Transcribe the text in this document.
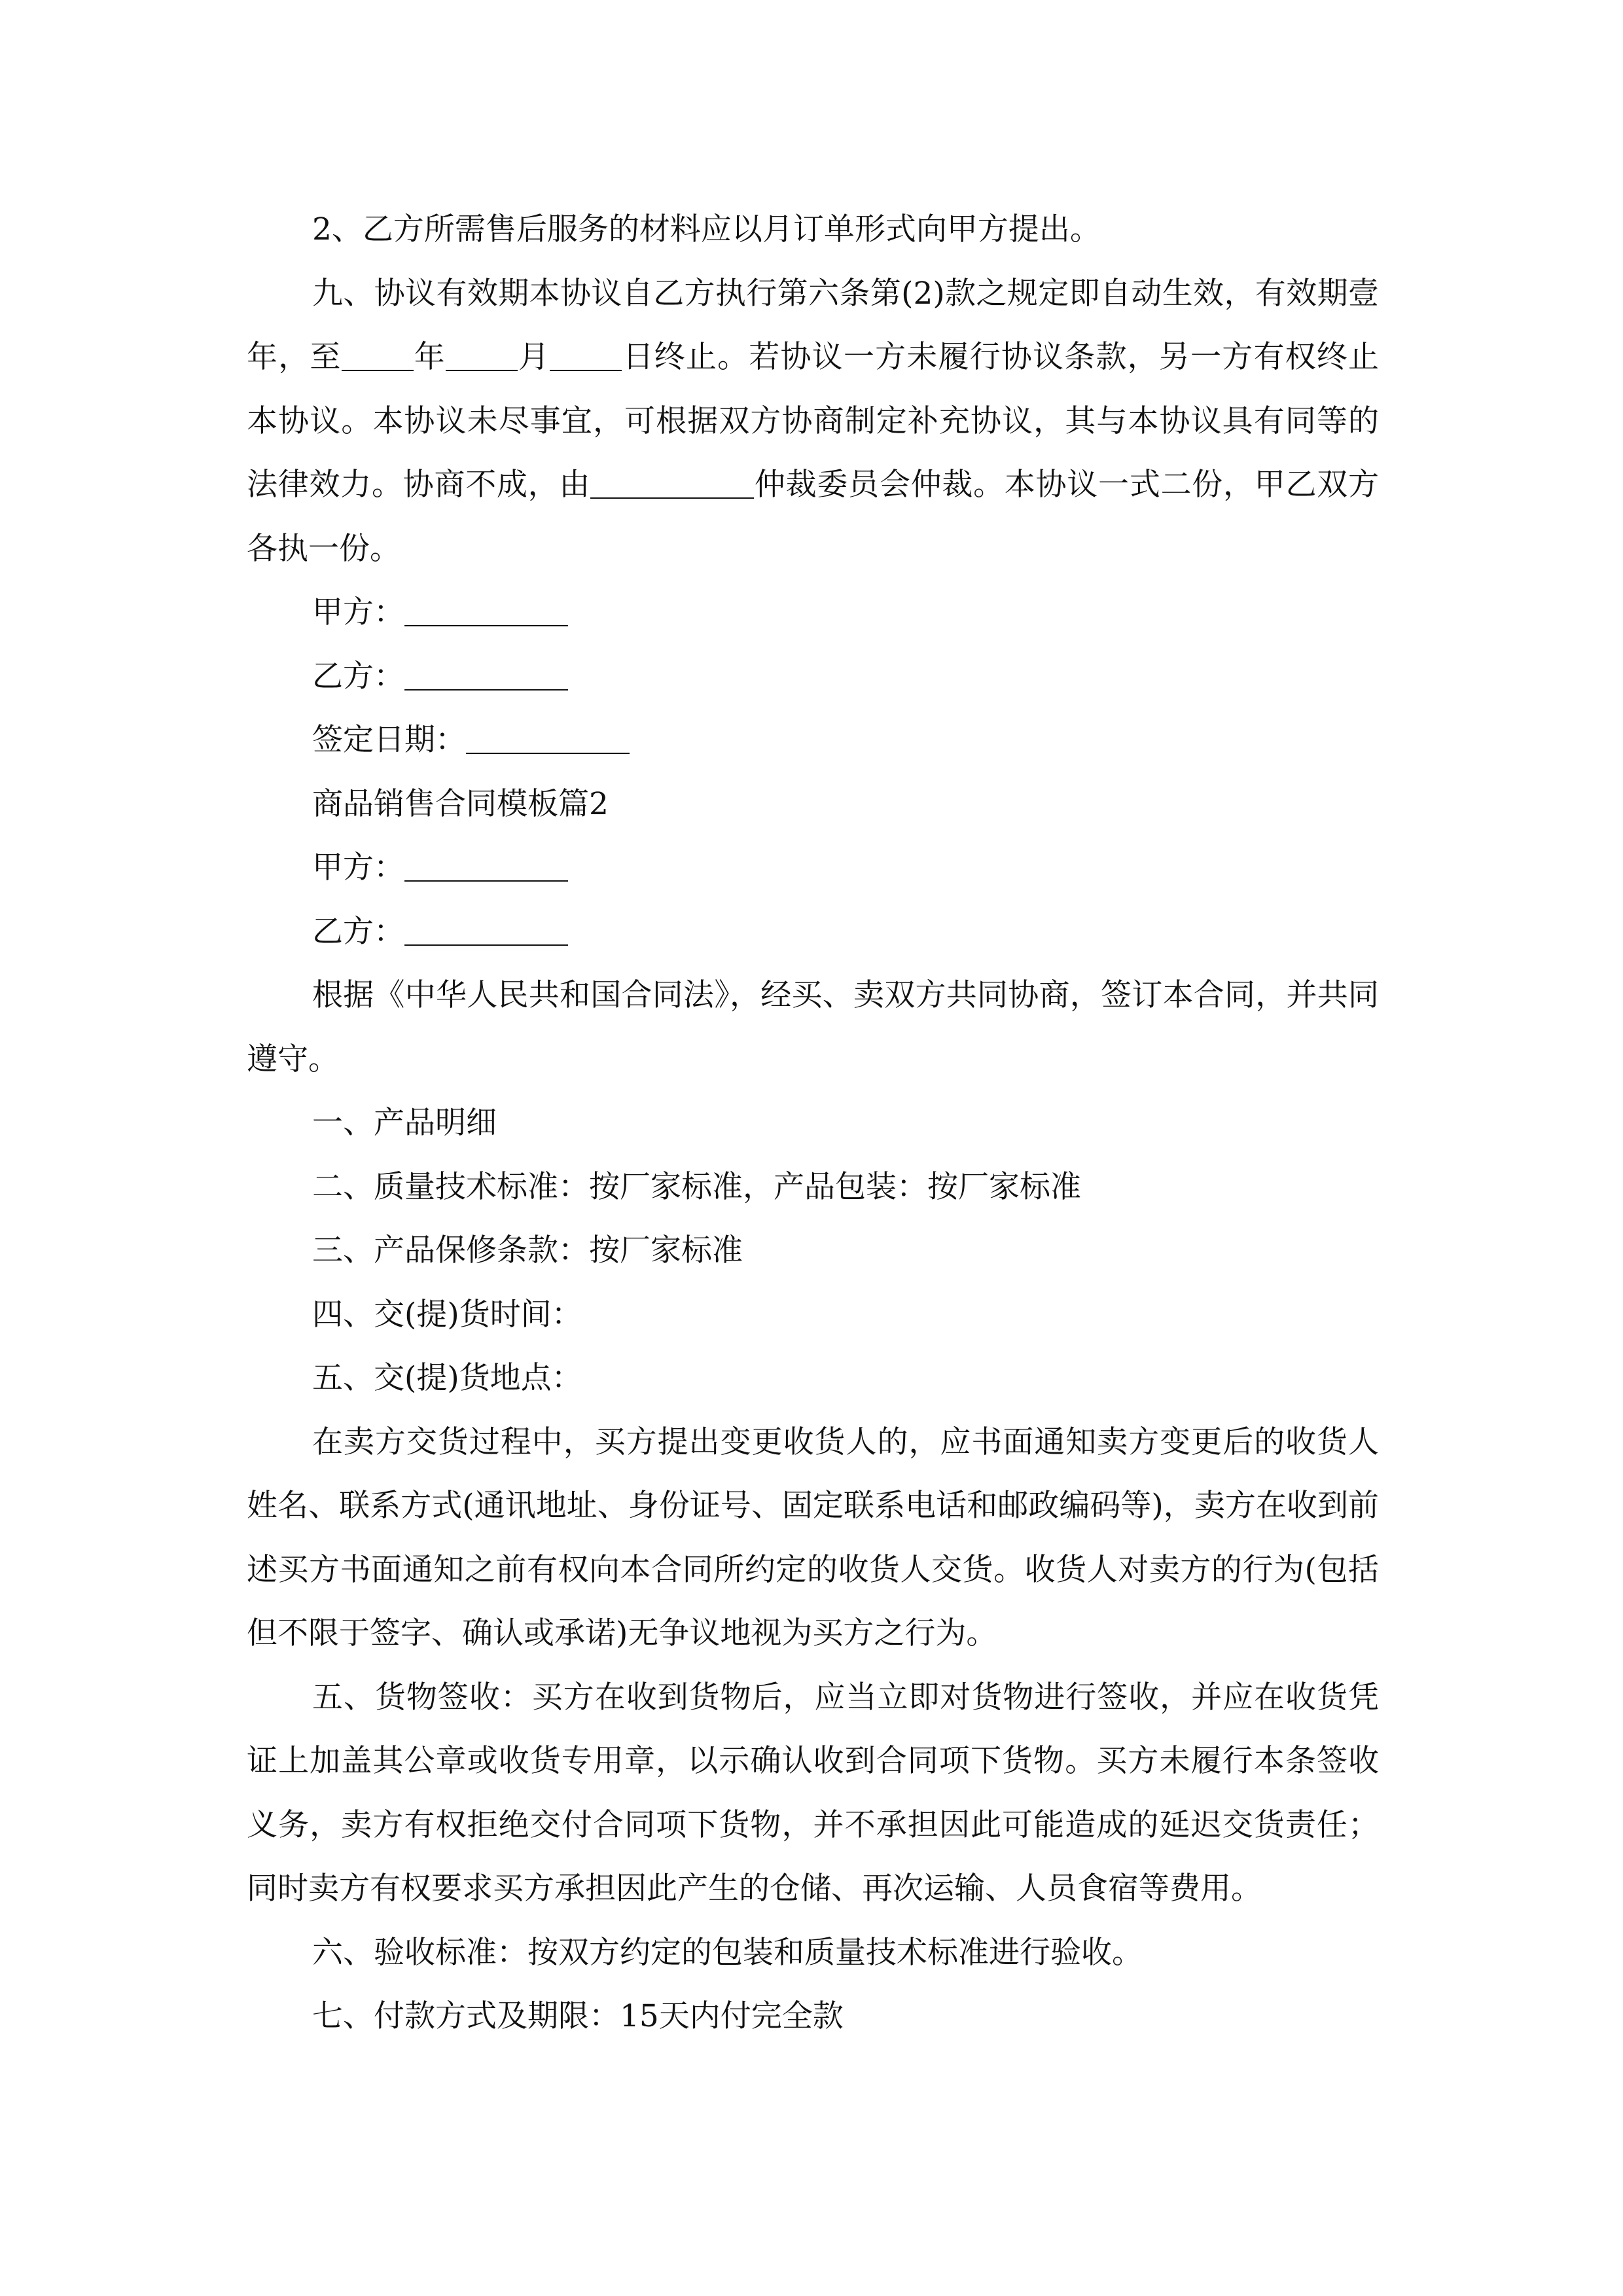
2、乙方所需售后服务的材料应以月订单形式向甲方提出。

九、协议有效期本协议自乙方执行第六条第(2)款之规定即自动生效，有效期壹年，至 年 月 日终止。若协议一方未履行协议条款，另一方有权终止本协议。本协议未尽事宜，可根据双方协商制定补充协议，其与本协议具有同等的法律效力。协商不成，由	仲裁委员会仲裁。本协议一式二份，甲乙双方各执一份。

甲方：

乙方：

签定日期：

商品销售合同模板篇2

甲方：

乙方：

根据《中华人民共和国合同法》，经买、卖双方共同协商，签订本合同，并共同遵守。

一、产品明细

二、质量技术标准：按厂家标准，产品包装：按厂家标准

三、产品保修条款：按厂家标准

四、交(提)货时间：

五、交(提)货地点：

在卖方交货过程中，买方提出变更收货人的，应书面通知卖方变更后的收货人姓名、联系方式(通讯地址、身份证号、固定联系电话和邮政编码等)，卖方在收到前述买方书面通知之前有权向本合同所约定的收货人交货。收货人对卖方的行为(包括但不限于签字、确认或承诺)无争议地视为买方之行为。

五、货物签收：买方在收到货物后，应当立即对货物进行签收，并应在收货凭证上加盖其公章或收货专用章，以示确认收到合同项下货物。买方未履行本条签收义务，卖方有权拒绝交付合同项下货物，并不承担因此可能造成的延迟交货责任；同时卖方有权要求买方承担因此产生的仓储、再次运输、人员食宿等费用。

六、验收标准：按双方约定的包装和质量技术标准进行验收。

七、付款方式及期限：15天内付完全款
